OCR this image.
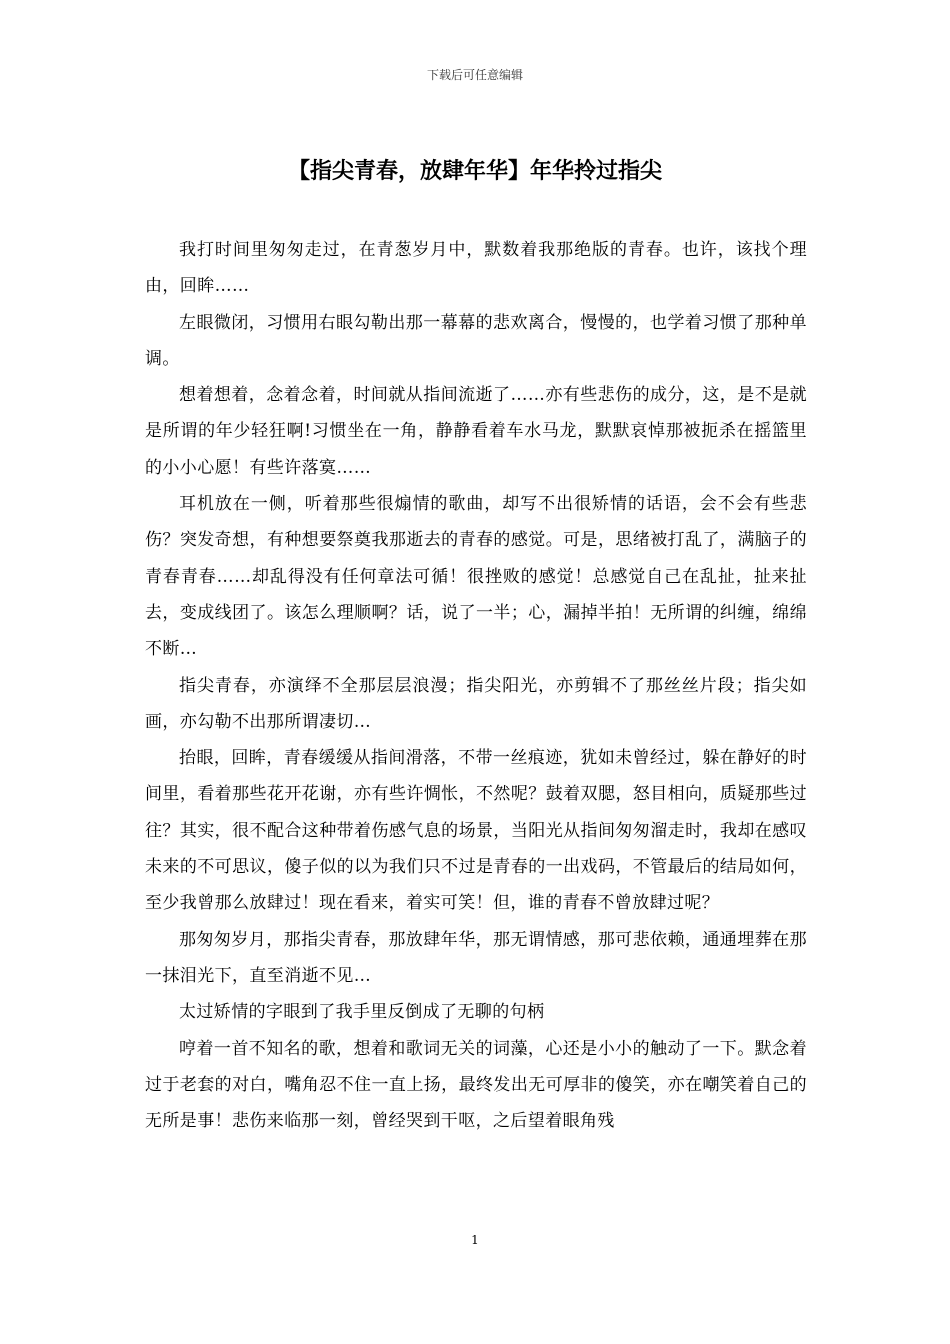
下载后可任意编辑
【指尖青春，放肆年华】年华拎过指尖

我打时间里匆匆走过，在青葱岁月中，默数着我那绝版的青春。也许，该找个理由，回眸……

左眼微闭，习惯用右眼勾勒出那一幕幕的悲欢离合，慢慢的，也学着习惯了那种单调。

想着想着，念着念着，时间就从指间流逝了……亦有些悲伤的成分，这，是不是就是所谓的年少轻狂啊!习惯坐在一角，静静看着车水马龙，默默哀悼那被扼杀在摇篮里的小小心愿！有些许落寞……

耳机放在一侧，听着那些很煽情的歌曲，却写不出很矫情的话语，会不会有些悲伤？突发奇想，有种想要祭奠我那逝去的青春的感觉。可是，思绪被打乱了，满脑子的青春青春……却乱得没有任何章法可循！很挫败的感觉！总感觉自己在乱扯，扯来扯去，变成线团了。该怎么理顺啊？话，说了一半；心，漏掉半拍！无所谓的纠缠，绵绵不断…

指尖青春，亦演绎不全那层层浪漫；指尖阳光，亦剪辑不了那丝丝片段；指尖如画，亦勾勒不出那所谓凄切…

抬眼，回眸，青春缓缓从指间滑落，不带一丝痕迹，犹如未曾经过，躲在静好的时间里，看着那些花开花谢，亦有些许惆怅，不然呢？鼓着双腮，怒目相向，质疑那些过往？其实，很不配合这种带着伤感气息的场景，当阳光从指间匆匆溜走时，我却在感叹未来的不可思议，傻子似的以为我们只不过是青春的一出戏码，不管最后的结局如何，至少我曾那么放肆过！现在看来，着实可笑！但，谁的青春不曾放肆过呢？

那匆匆岁月，那指尖青春，那放肆年华，那无谓情感，那可悲依赖，通通埋葬在那一抹泪光下，直至消逝不见…

太过矫情的字眼到了我手里反倒成了无聊的句柄

哼着一首不知名的歌，想着和歌词无关的词藻，心还是小小的触动了一下。默念着过于老套的对白，嘴角忍不住一直上扬，最终发出无可厚非的傻笑，亦在嘲笑着自己的无所是事！悲伤来临那一刻，曾经哭到干呕，之后望着眼角残

1
